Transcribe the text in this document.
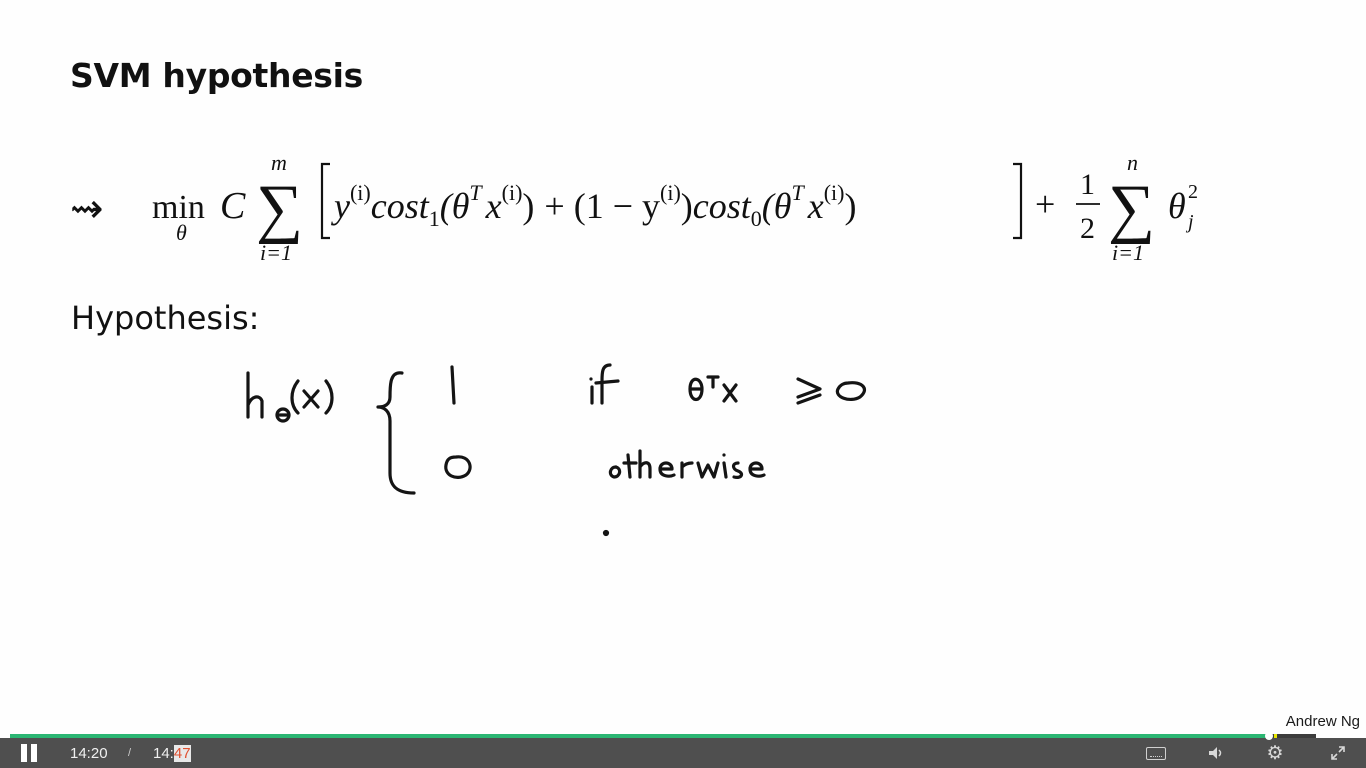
SVM hypothesis
⇝ min
θ
C
m
∑
i=1
$y^{(i)}\cos t_1(\theta^T$ $x^{(i)}) + (1 - y^{(i)})\cos t_0(\theta^T$ $x^{(i)}$)	+ 1
2
n
∑
i=1
θ 2
j
Hypothesis:
Andrew Ng
14:20 / 14: 47	⚙
